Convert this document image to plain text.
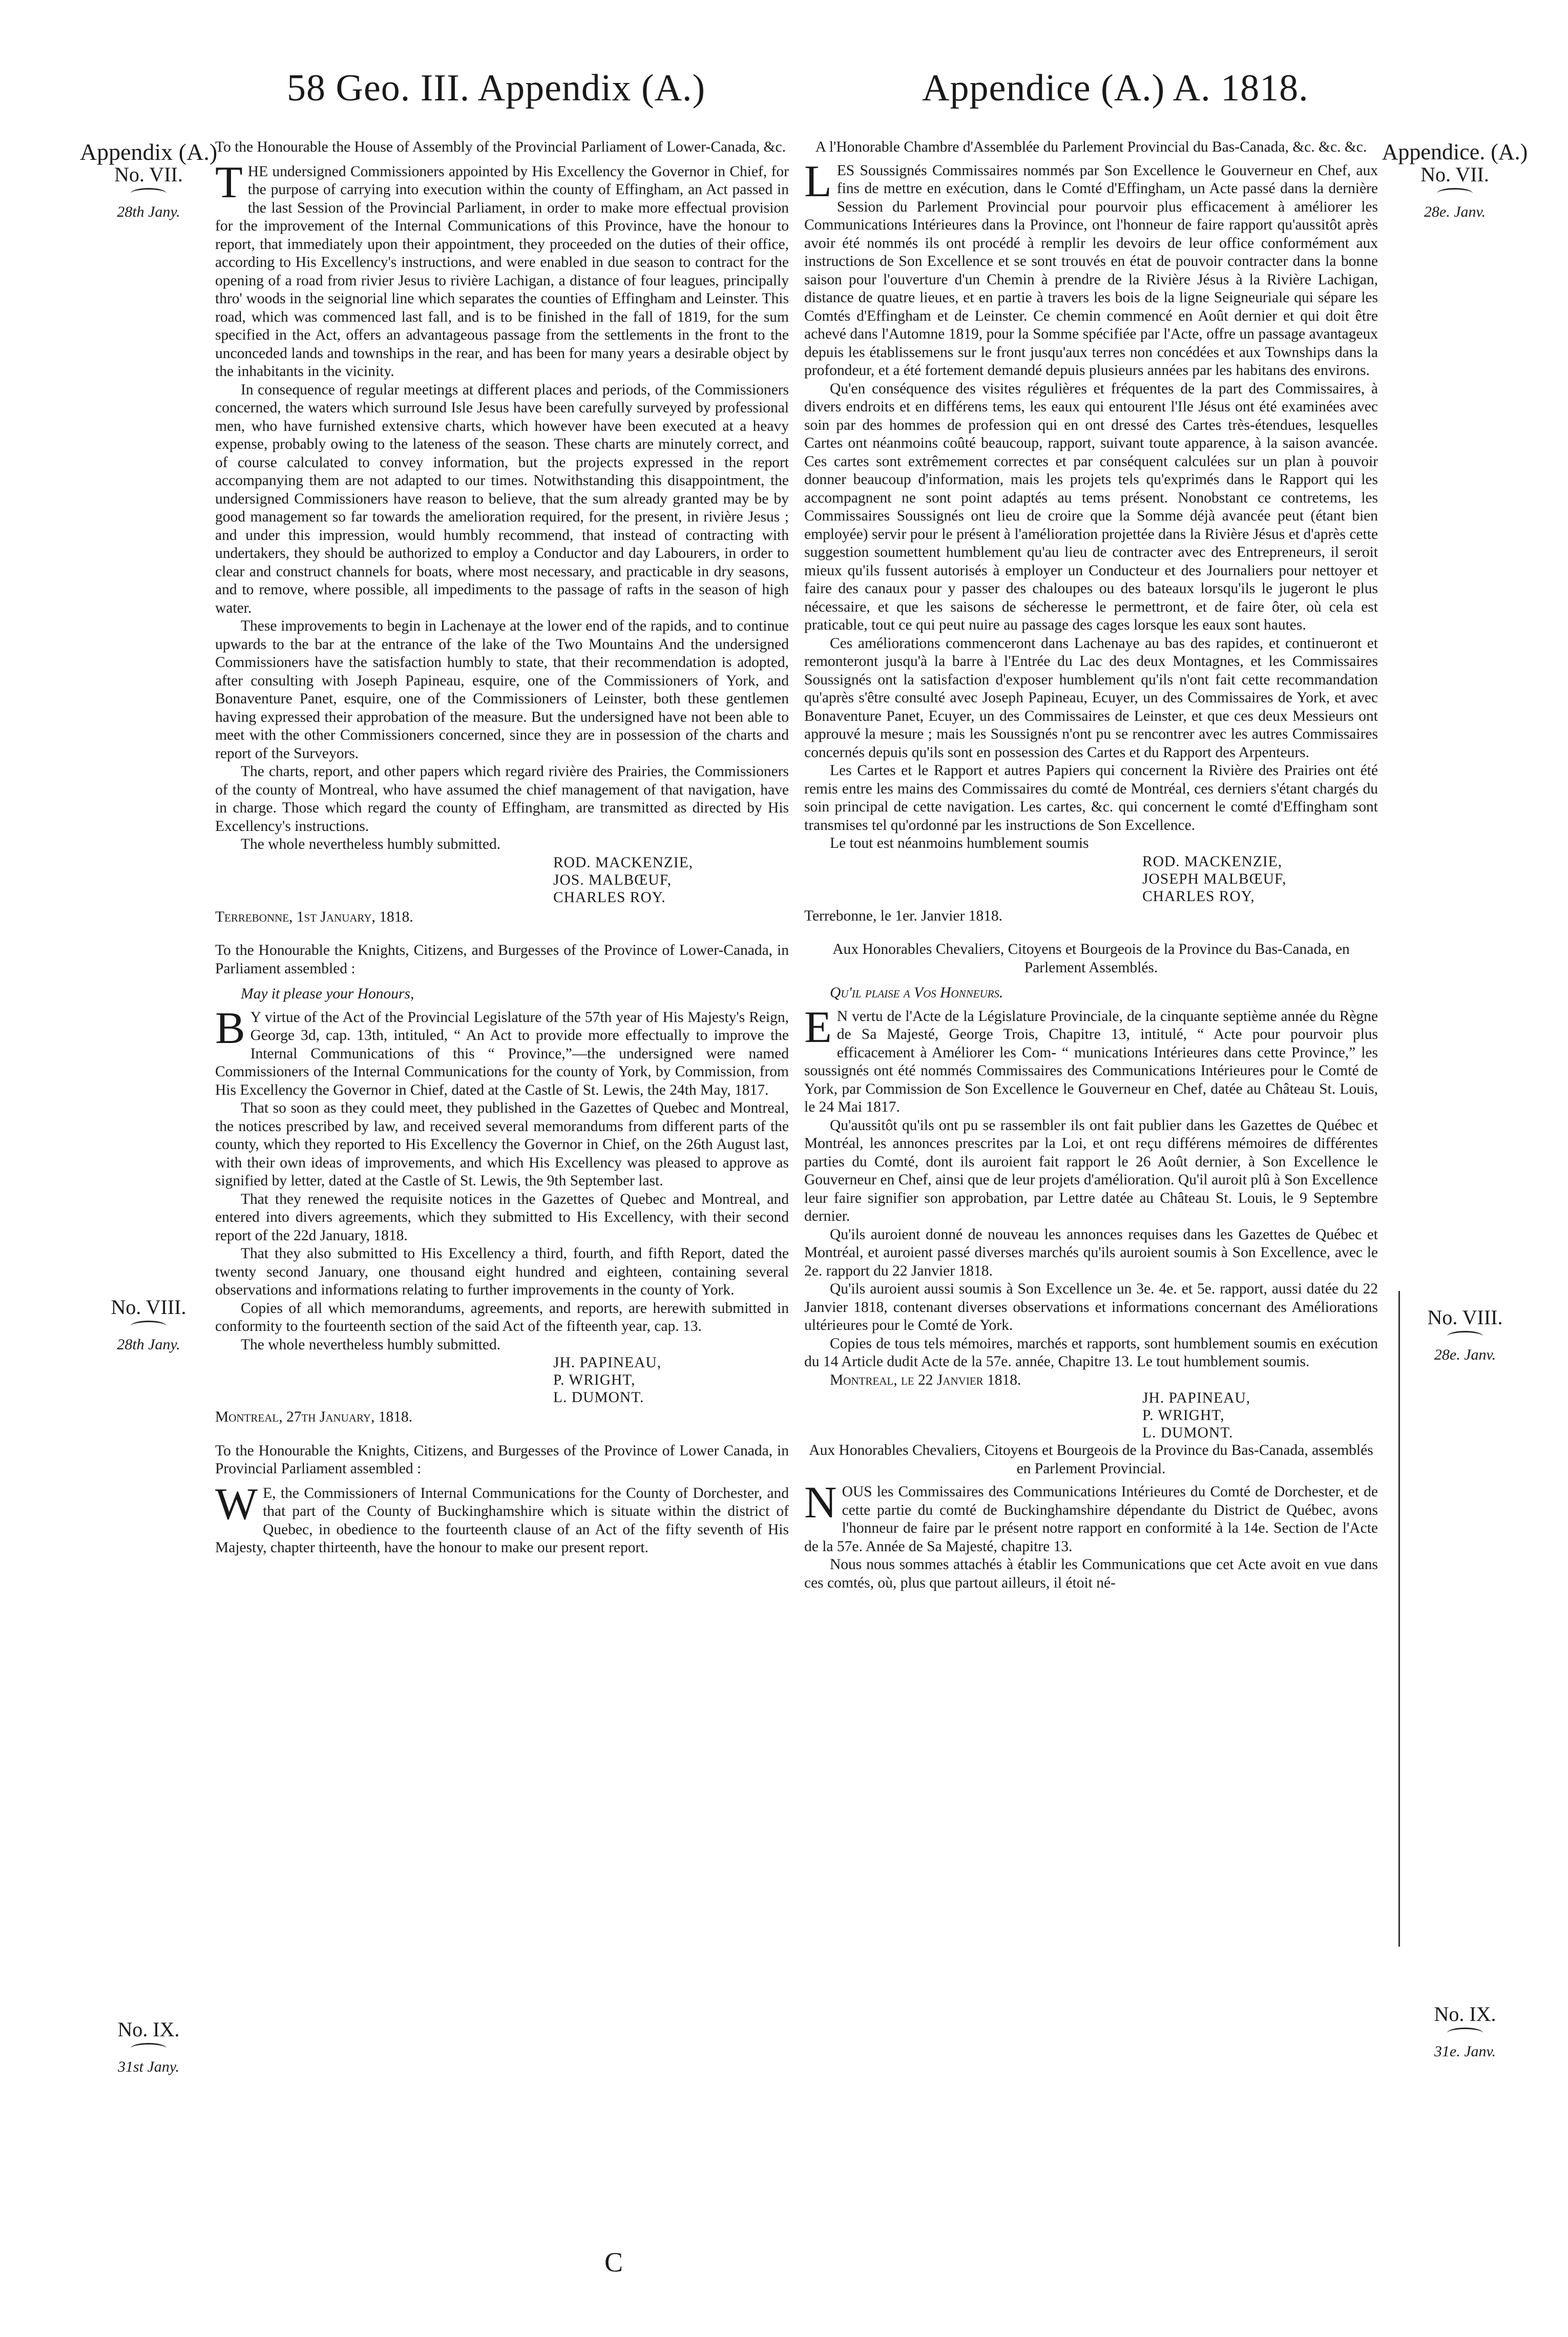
58 Geo. III. Appendix (A.)	Appendice (A.) A. 1818.
Appendix (A.)
No. VII.
28th Jany.
No. VIII.
28th Jany.
No. IX.
31st Jany.
Appendice. (A.)
No. VII.
28e. Janv.
No. VIII.
28e. Janv.
No. IX.
31e. Janv.

To the Honourable the House of Assembly of the Provincial Parliament of Lower-Canada, &c.

THE undersigned Commissioners appointed by His Excellency the Governor in Chief, for the purpose of carrying into execution within the county of Effingham, an Act passed in the last Session of the Provincial Parliament, in order to make more effectual provision for the improvement of the Internal Communications of this Province, have the honour to report, that immediately upon their appointment, they proceeded on the duties of their office, according to His Excellency's instructions, and were enabled in due season to contract for the opening of a road from rivier Jesus to rivière Lachigan, a distance of four leagues, principally thro' woods in the seignorial line which separates the counties of Effingham and Leinster. This road, which was commenced last fall, and is to be finished in the fall of 1819, for the sum specified in the Act, offers an advantageous passage from the settlements in the front to the unconceded lands and townships in the rear, and has been for many years a desirable object by the inhabitants in the vicinity.

In consequence of regular meetings at different places and periods, of the Commissioners concerned, the waters which surround Isle Jesus have been carefully surveyed by professional men, who have furnished extensive charts, which however have been executed at a heavy expense, probably owing to the lateness of the season. These charts are minutely correct, and of course calculated to convey information, but the projects expressed in the report accompanying them are not adapted to our times. Notwithstanding this disappointment, the undersigned Commissioners have reason to believe, that the sum already granted may be by good management so far towards the amelioration required, for the present, in rivière Jesus ; and under this impression, would humbly recommend, that instead of contracting with undertakers, they should be authorized to employ a Conductor and day Labourers, in order to clear and construct channels for boats, where most necessary, and practicable in dry seasons, and to remove, where possible, all impediments to the passage of rafts in the season of high water.

These improvements to begin in Lachenaye at the lower end of the rapids, and to continue upwards to the bar at the entrance of the lake of the Two Mountains And the undersigned Commissioners have the satisfaction humbly to state, that their recommendation is adopted, after consulting with Joseph Papineau, esquire, one of the Commissioners of York, and Bonaventure Panet, esquire, one of the Commissioners of Leinster, both these gentlemen having expressed their approbation of the measure. But the undersigned have not been able to meet with the other Commissioners concerned, since they are in possession of the charts and report of the Surveyors.

The charts, report, and other papers which regard rivière des Prairies, the Commissioners of the county of Montreal, who have assumed the chief management of that navigation, have in charge. Those which regard the county of Effingham, are transmitted as directed by His Excellency's instructions.

The whole nevertheless humbly submitted.

ROD. MACKENZIE,

JOS. MALBŒUF,

CHARLES ROY.

Terrebonne, 1st January, 1818.

To the Honourable the Knights, Citizens, and Burgesses of the Province of Lower-Canada, in Parliament assembled :

May it please your Honours,

B Y virtue of the Act of the Provincial Legislature of the 57th year of His Majesty's Reign, George 3d, cap. 13th, intituled, “ An Act to provide more effectually to improve the Internal Communications of this “ Province,”—the undersigned were named Commissioners of the Internal Communications for the county of York, by Commission, from His Excellency the Governor in Chief, dated at the Castle of St. Lewis, the 24th May, 1817.

That so soon as they could meet, they published in the Gazettes of Quebec and Montreal, the notices prescribed by law, and received several memorandums from different parts of the county, which they reported to His Excellency the Governor in Chief, on the 26th August last, with their own ideas of improvements, and which His Excellency was pleased to approve as signified by letter, dated at the Castle of St. Lewis, the 9th September last.

That they renewed the requisite notices in the Gazettes of Quebec and Montreal, and entered into divers agreements, which they submitted to His Excellency, with their second report of the 22d January, 1818.

That they also submitted to His Excellency a third, fourth, and fifth Report, dated the twenty second January, one thousand eight hundred and eighteen, containing several observations and informations relating to further improvements in the county of York.

Copies of all which memorandums, agreements, and reports, are herewith submitted in conformity to the fourteenth section of the said Act of the fifteenth year, cap. 13.

The whole nevertheless humbly submitted.

JH. PAPINEAU,

P. WRIGHT,

L. DUMONT.

Montreal, 27th January, 1818.

To the Honourable the Knights, Citizens, and Burgesses of the Province of Lower Canada, in Provincial Parliament assembled :

W E, the Commissioners of Internal Communications for the County of Dorchester, and that part of the County of Buckinghamshire which is situate within the district of Quebec, in obedience to the fourteenth clause of an Act of the fifty seventh of His Majesty, chapter thirteenth, have the honour to make our present report.

A l'Honorable Chambre d'Assemblée du Parlement Provincial du Bas-Canada, &c. &c. &c.

LES Soussignés Commissaires nommés par Son Excellence le Gouverneur en Chef, aux fins de mettre en exécution, dans le Comté d'Effingham, un Acte passé dans la dernière Session du Parlement Provincial pour pourvoir plus efficacement à améliorer les Communications Intérieures dans la Province, ont l'honneur de faire rapport qu'aussitôt après avoir été nommés ils ont procédé à remplir les devoirs de leur office conformément aux instructions de Son Excellence et se sont trouvés en état de pouvoir contracter dans la bonne saison pour l'ouverture d'un Chemin à prendre de la Rivière Jésus à la Rivière Lachigan, distance de quatre lieues, et en partie à travers les bois de la ligne Seigneuriale qui sépare les Comtés d'Effingham et de Leinster. Ce chemin commencé en Août dernier et qui doit être achevé dans l'Automne 1819, pour la Somme spécifiée par l'Acte, offre un passage avantageux depuis les établissemens sur le front jusqu'aux terres non concédées et aux Townships dans la profondeur, et a été fortement demandé depuis plusieurs années par les habitans des environs.

Qu'en conséquence des visites régulières et fréquentes de la part des Commissaires, à divers endroits et en différens tems, les eaux qui entourent l'Ile Jésus ont été examinées avec soin par des hommes de profession qui en ont dressé des Cartes très-étendues, lesquelles Cartes ont néanmoins coûté beaucoup, rapport, suivant toute apparence, à la saison avancée. Ces cartes sont extrêmement correctes et par conséquent calculées sur un plan à pouvoir donner beaucoup d'information, mais les projets tels qu'exprimés dans le Rapport qui les accompagnent ne sont point adaptés au tems présent. Nonobstant ce contretems, les Commissaires Soussignés ont lieu de croire que la Somme déjà avancée peut (étant bien employée) servir pour le présent à l'amélioration projettée dans la Rivière Jésus et d'après cette suggestion soumettent humblement qu'au lieu de contracter avec des Entrepreneurs, il seroit mieux qu'ils fussent autorisés à employer un Conducteur et des Journaliers pour nettoyer et faire des canaux pour y passer des chaloupes ou des bateaux lorsqu'ils le jugeront le plus nécessaire, et que les saisons de sécheresse le permettront, et de faire ôter, où cela est praticable, tout ce qui peut nuire au passage des cages lorsque les eaux sont hautes.

Ces améliorations commenceront dans Lachenaye au bas des rapides, et continueront et remonteront jusqu'à la barre à l'Entrée du Lac des deux Montagnes, et les Commissaires Soussignés ont la satisfaction d'exposer humblement qu'ils n'ont fait cette recommandation qu'après s'être consulté avec Joseph Papineau, Ecuyer, un des Commissaires de York, et avec Bonaventure Panet, Ecuyer, un des Commissaires de Leinster, et que ces deux Messieurs ont approuvé la mesure ; mais les Soussignés n'ont pu se rencontrer avec les autres Commissaires concernés depuis qu'ils sont en possession des Cartes et du Rapport des Arpenteurs.

Les Cartes et le Rapport et autres Papiers qui concernent la Rivière des Prairies ont été remis entre les mains des Commissaires du comté de Montréal, ces derniers s'étant chargés du soin principal de cette navigation. Les cartes, &c. qui concernent le comté d'Effingham sont transmises tel qu'ordonné par les instructions de Son Excellence.

Le tout est néanmoins humblement soumis

ROD. MACKENZIE,

JOSEPH MALBŒUF,

CHARLES ROY,

Terrebonne, le 1er. Janvier 1818.

Aux Honorables Chevaliers, Citoyens et Bourgeois de la Province du Bas-Canada, en Parlement Assemblés.

Qu'il plaise a Vos Honneurs.

E N vertu de l'Acte de la Législature Provinciale, de la cinquante septième année du Règne de Sa Majesté, George Trois, Chapitre 13, intitulé, “ Acte pour pourvoir plus efficacement à Améliorer les Com- “ munications Intérieures dans cette Province,” les soussignés ont été nommés Commissaires des Communications Intérieures pour le Comté de York, par Commission de Son Excellence le Gouverneur en Chef, datée au Château St. Louis, le 24 Mai 1817.

Qu'aussitôt qu'ils ont pu se rassembler ils ont fait publier dans les Gazettes de Québec et Montréal, les annonces prescrites par la Loi, et ont reçu différens mémoires de différentes parties du Comté, dont ils auroient fait rapport le 26 Août dernier, à Son Excellence le Gouverneur en Chef, ainsi que de leur projets d'amélioration. Qu'il auroit plû à Son Excellence leur faire signifier son approbation, par Lettre datée au Château St. Louis, le 9 Septembre dernier.

Qu'ils auroient donné de nouveau les annonces requises dans les Gazettes de Québec et Montréal, et auroient passé diverses marchés qu'ils auroient soumis à Son Excellence, avec le 2e. rapport du 22 Janvier 1818.

Qu'ils auroient aussi soumis à Son Excellence un 3e. 4e. et 5e. rapport, aussi datée du 22 Janvier 1818, contenant diverses observations et informations concernant des Améliorations ultérieures pour le Comté de York.

Copies de tous tels mémoires, marchés et rapports, sont humblement soumis en exécution du 14 Article dudit Acte de la 57e. année, Chapitre 13. Le tout humblement soumis.

Montreal, le 22 Janvier 1818.

JH. PAPINEAU,

P. WRIGHT,

L. DUMONT.

Aux Honorables Chevaliers, Citoyens et Bourgeois de la Province du Bas-Canada, assemblés en Parlement Provincial.

NOUS les Commissaires des Communications Intérieures du Comté de Dorchester, et de cette partie du comté de Buckinghamshire dépendante du District de Québec, avons l'honneur de faire par le présent notre rapport en conformité à la 14e. Section de l'Acte de la 57e. Année de Sa Majesté, chapitre 13.

Nous nous sommes attachés à établir les Communications que cet Acte avoit en vue dans ces comtés, où, plus que partout ailleurs, il étoit né-

C
